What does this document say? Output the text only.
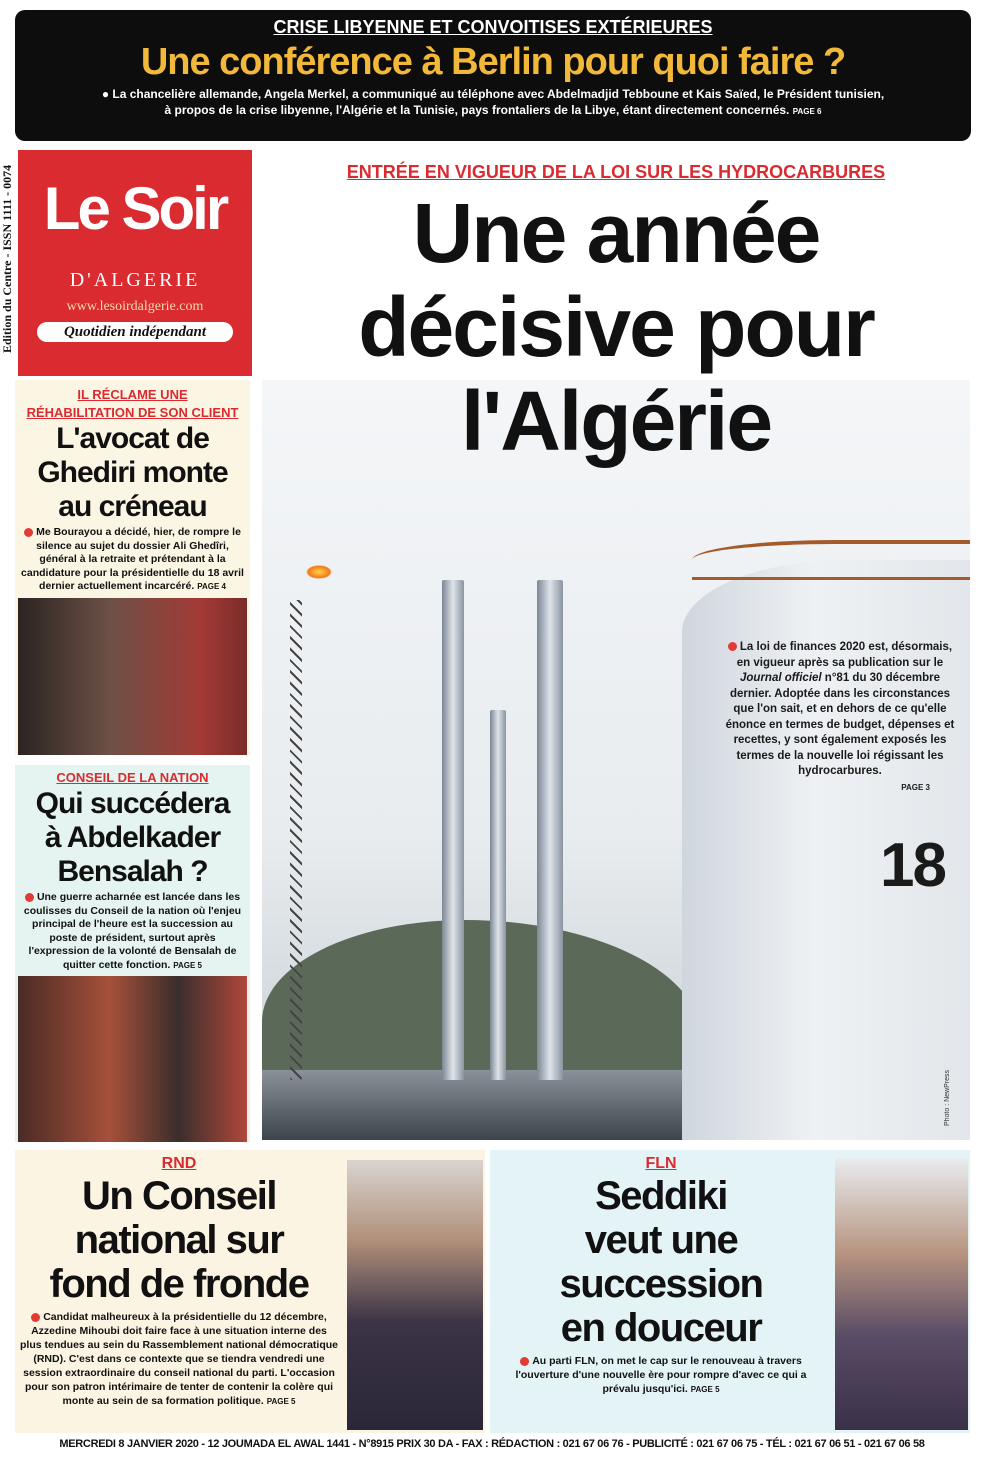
CRISE LIBYENNE ET CONVOITISES EXTÉRIEURES
Une conférence à Berlin pour quoi faire ?
● La chancelière allemande, Angela Merkel, a communiqué au téléphone avec Abdelmadjid Tebboune et Kais Saïed, le Président tunisien,
à propos de la crise libyenne, l'Algérie et la Tunisie, pays frontaliers de la Libye, étant directement concernés. PAGE 6
Edition du Centre - ISSN 1111 - 0074 Le Soir
D'ALGERIE
www.lesoirdalgerie.com
Quotidien indépendant
18
Photo : NewPress
ENTRÉE EN VIGUEUR DE LA LOI SUR LES HYDROCARBURES
Une année
décisive pour
l'Algérie
La loi de finances 2020 est, désormais, en vigueur après sa publication sur le Journal officiel n°81 du 30 décembre dernier. Adoptée dans les circonstances que l'on sait, et en dehors de ce qu'elle énonce en termes de budget, dépenses et recettes, y sont également exposés les termes de la nouvelle loi régissant les hydrocarbures.
PAGE 3
IL RÉCLAME UNE RÉHABILITATION DE SON CLIENT
L'avocat de
Ghediri monte
au créneau
Me Bourayou a décidé, hier, de rompre le silence au sujet du dossier Ali Ghedîri, général à la retraite et prétendant à la candidature pour la présidentielle du 18 avril dernier actuellement incarcéré. PAGE 4
CONSEIL DE LA NATION
Qui succédera
à Abdelkader
Bensalah ?
Une guerre acharnée est lancée dans les coulisses du Conseil de la nation où l'enjeu principal de l'heure est la succession au poste de président, surtout après l'expression de la volonté de Bensalah de quitter cette fonction. PAGE 5
RND
Un Conseil
national sur
fond de fronde
Candidat malheureux à la présidentielle du 12 décembre, Azzedine Mihoubi doit faire face à une situation interne des plus tendues au sein du Rassemblement national démocratique (RND). C'est dans ce contexte que se tiendra vendredi une session extraordinaire du conseil national du parti. L'occasion pour son patron intérimaire de tenter de contenir la colère qui monte au sein de sa formation politique. PAGE 5
FLN
Seddiki
veut une
succession
en douceur
Au parti FLN, on met le cap sur le renouveau à travers l'ouverture d'une nouvelle ère pour rompre d'avec ce qui a prévalu jusqu'ici. PAGE 5
MERCREDI 8 JANVIER 2020 - 12 JOUMADA EL AWAL 1441 - N°8915 PRIX 30 DA - FAX : RÉDACTION : 021 67 06 76 - PUBLICITÉ : 021 67 06 75 - TÉL : 021 67 06 51 - 021 67 06 58
